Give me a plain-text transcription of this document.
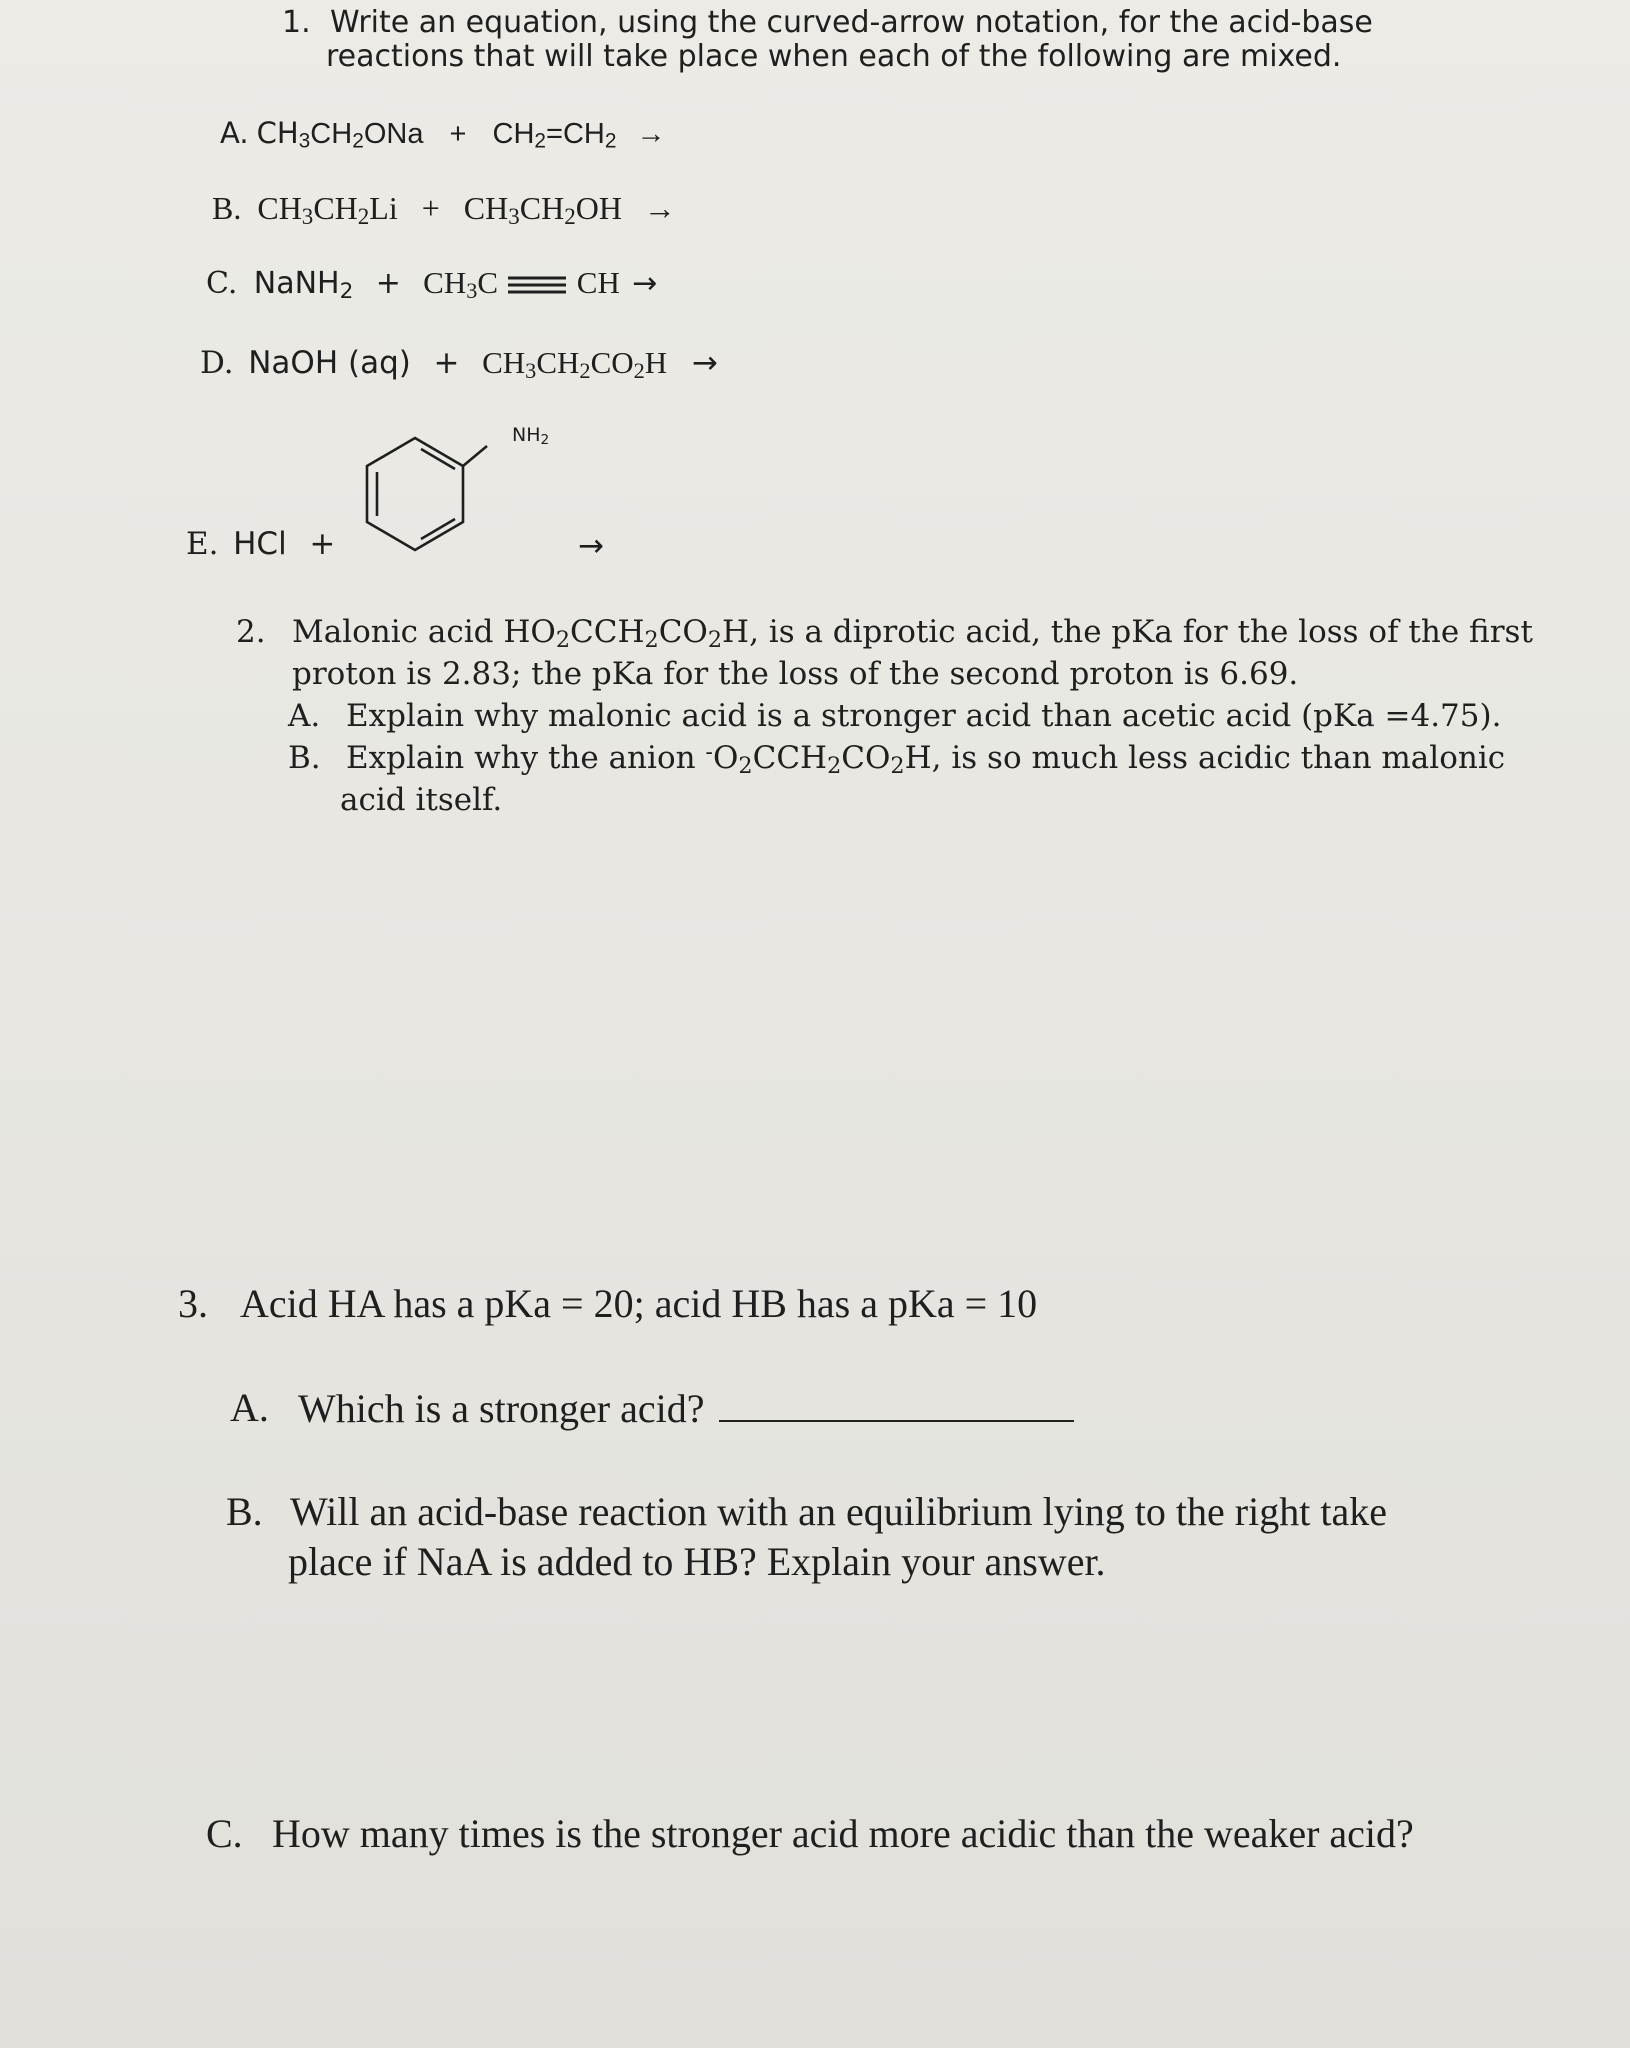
1. Write an equation, using the curved-arrow notation, for the acid-base
reactions that will take place when each of the following are mixed.
A. $CH_3CH_2ONa + CH_2=CH_2$ →
B. $CH_3CH_2Li + CH_3CH_2OH$ →
C. NaNH$_2$ + $CH_3C$	CH →
D. NaOH $(aq) + CH_3CH_2CO_2H$ →
E. HCl +
$NH_2$
→
2. Malonic acid $HO_2CCH_2CO_2H$, is a diprotic acid, the pKa for the loss of the first
proton is 2.83; the pKa for the loss of the second proton is 6.69.
A. Explain why malonic acid is a stronger acid than acetic acid (pKa =4.75).
B. Explain why the anion $^-O_2CCH_2CO_2H$, is so much less acidic than malonic
acid itself.
3. Acid HA has a pKa = 20; acid HB has a pKa = 10
A. Which is a stronger acid?
B. Will an acid-base reaction with an equilibrium lying to the right take
place if NaA is added to HB? Explain your answer.
C. How many times is the stronger acid more acidic than the weaker acid?
